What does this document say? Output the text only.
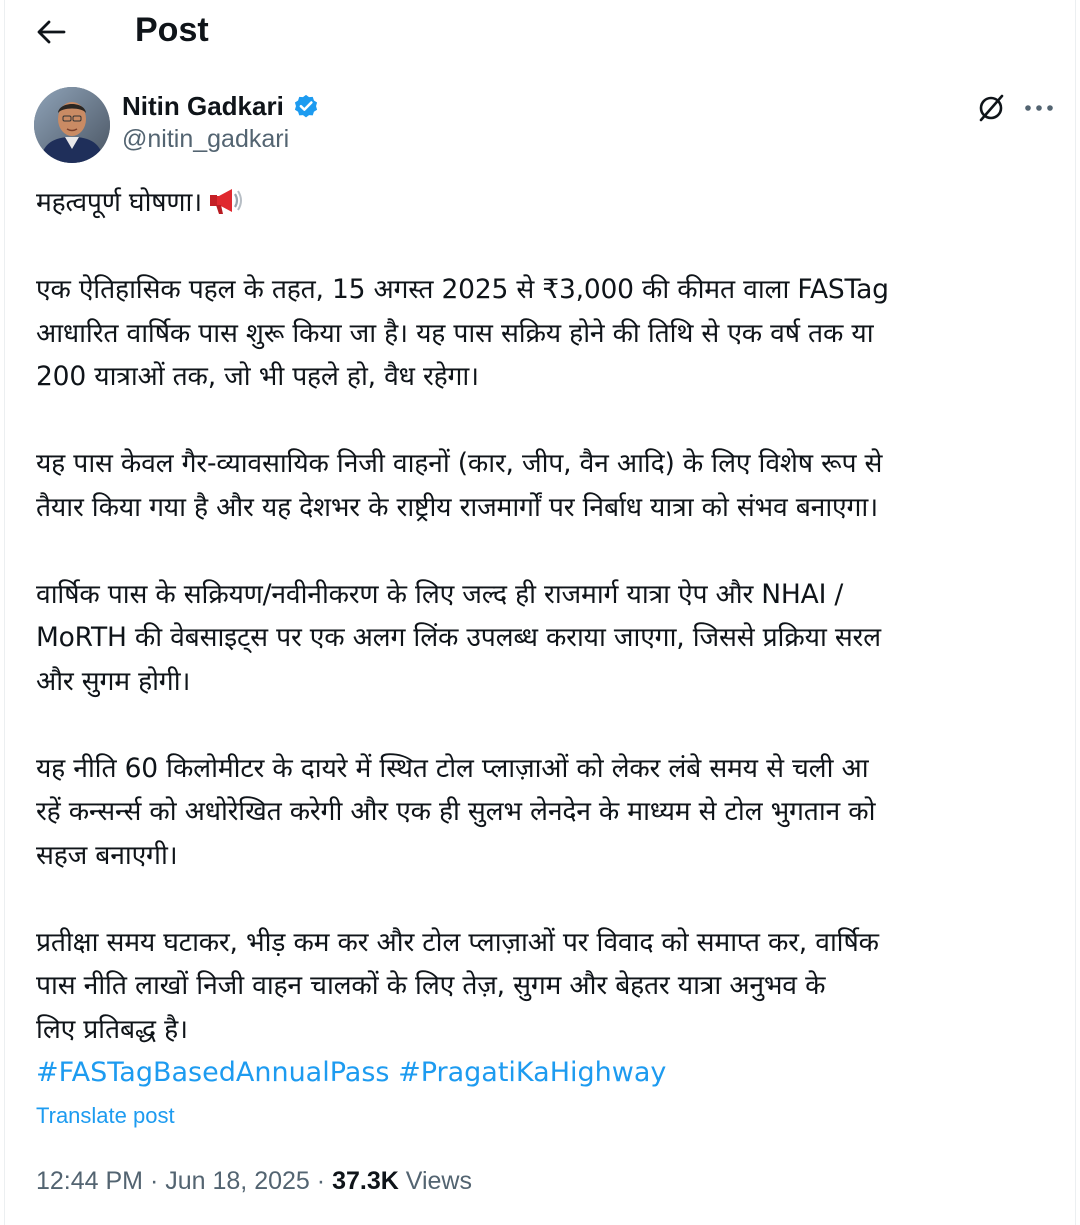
Post
Nitin Gadkari
@nitin_gadkari

महत्वपूर्ण घोषणा।

एक ऐतिहासिक पहल के तहत, 15 अगस्त 2025 से ₹3,000 की कीमत वाला FASTag
आधारित वार्षिक पास शुरू किया जा है। यह पास सक्रिय होने की तिथि से एक वर्ष तक या
200 यात्राओं तक, जो भी पहले हो, वैध रहेगा।

यह पास केवल गैर-व्यावसायिक निजी वाहनों (कार, जीप, वैन आदि) के लिए विशेष रूप से
तैयार किया गया है और यह देशभर के राष्ट्रीय राजमार्गों पर निर्बाध यात्रा को संभव बनाएगा।

वार्षिक पास के सक्रियण/नवीनीकरण के लिए जल्द ही राजमार्ग यात्रा ऐप और NHAI /
MoRTH की वेबसाइट्स पर एक अलग लिंक उपलब्ध कराया जाएगा, जिससे प्रक्रिया सरल
और सुगम होगी।

यह नीति 60 किलोमीटर के दायरे में स्थित टोल प्लाज़ाओं को लेकर लंबे समय से चली आ
रहें कन्सर्न्स को अधोरेखित करेगी और एक ही सुलभ लेनदेन के माध्यम से टोल भुगतान को
सहज बनाएगी।

प्रतीक्षा समय घटाकर, भीड़ कम कर और टोल प्लाज़ाओं पर विवाद को समाप्त कर, वार्षिक
पास नीति लाखों निजी वाहन चालकों के लिए तेज़, सुगम और बेहतर यात्रा अनुभव के
लिए प्रतिबद्ध है।

#FASTagBasedAnnualPass #PragatiKaHighway
Translate post
12:44 PM · Jun 18, 2025 · 37.3K Views
